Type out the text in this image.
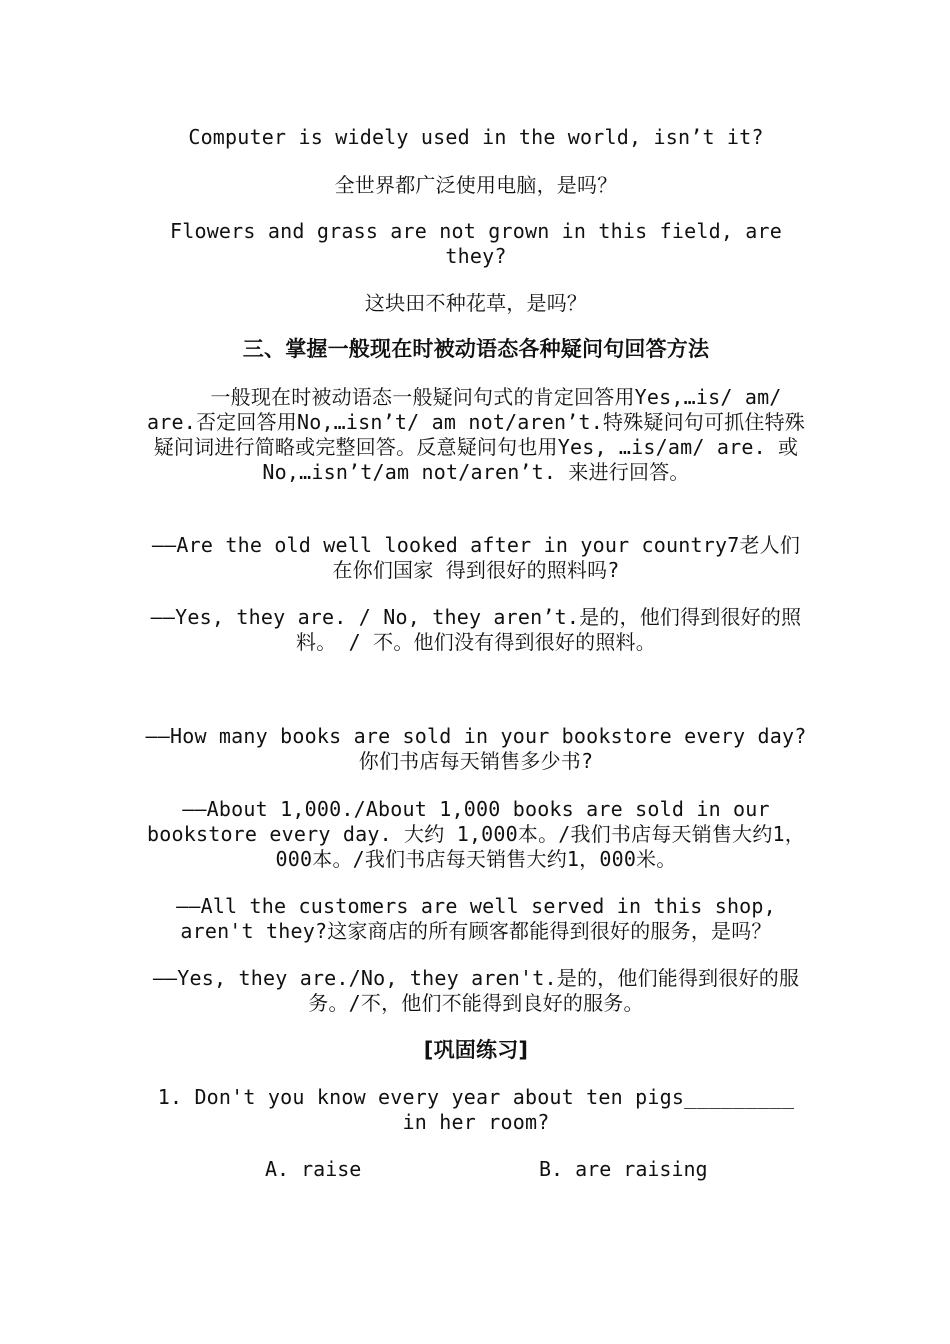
Computer is widely used in the world, isn’t it?

全世界都广泛使用电脑，是吗？

Flowers and grass are not grown in this field, are they?

这块田不种花草，是吗？

三、掌握一般现在时被动语态各种疑问句回答方法

一般现在时被动语态一般疑问句式的肯定回答用Yes,…is/ am/ are.否定回答用No,…isn’t/ am not/aren’t.特殊疑问句可抓住特殊疑问词进行简略或完整回答。反意疑问句也用Yes, …is/am/ are. 或No,…isn’t/am not/aren’t. 来进行回答。

——Are the old well looked after in your country7老人们在你们国家 得到很好的照料吗?

——Yes, they are. / No, they aren’t.是的，他们得到很好的照料。 / 不。他们没有得到很好的照料。

——How many books are sold in your bookstore every day? 你们书店每天销售多少书?

——About 1,000./About 1,000 books are sold in our bookstore every day. 大约 1,000本。/我们书店每天销售大约1，000本。/我们书店每天销售大约1，000米。

——All the customers are well served in this shop, aren't they?这家商店的所有顾客都能得到很好的服务，是吗？

——Yes, they are./No, they aren't.是的，他们能得到很好的服务。/不，他们不能得到良好的服务。

[巩固练习]

1. Don't you know every year about ten pigs_________ in her room?

A. raise	B. are raising
